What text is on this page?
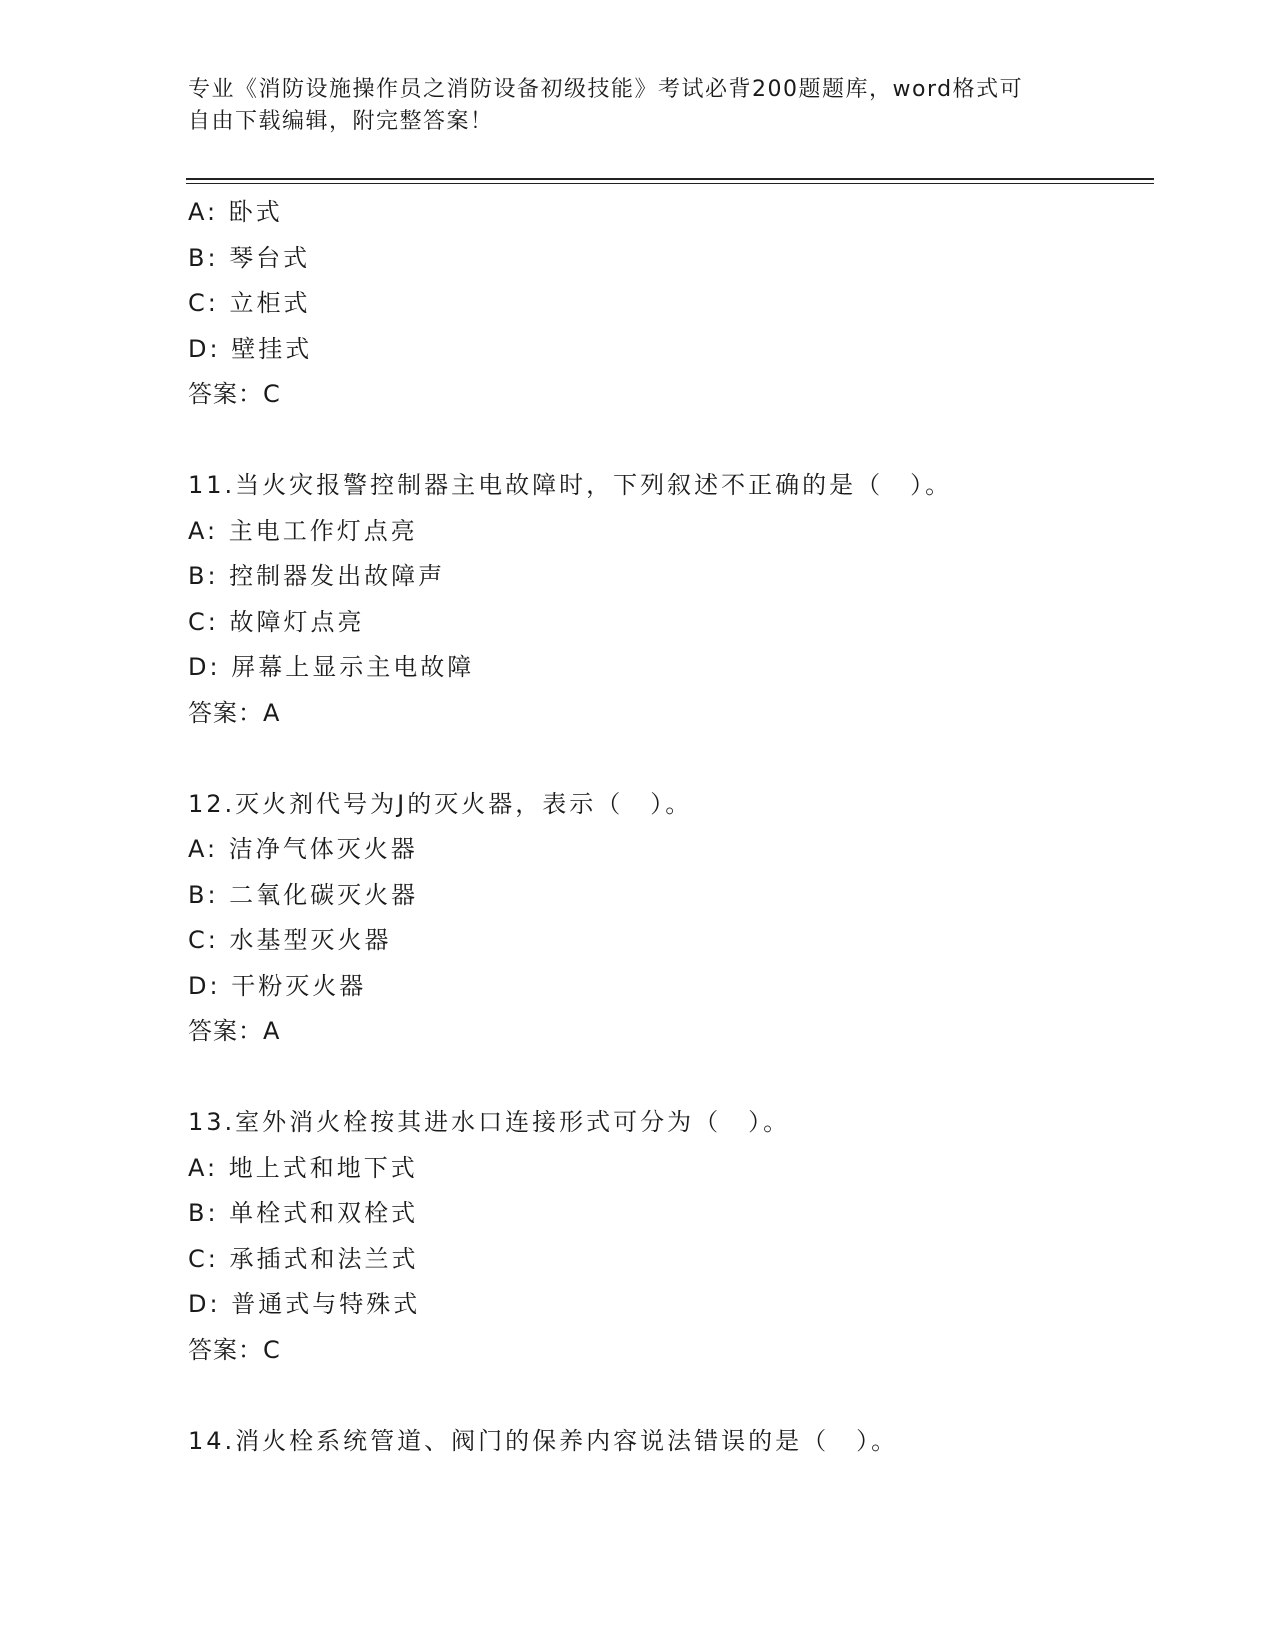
专业《消防设施操作员之消防设备初级技能》考试必背200题题库，word格式可
自由下载编辑，附完整答案！
A: 卧式
B: 琴台式
C: 立柜式
D: 壁挂式
答案：C
11.当火灾报警控制器主电故障时，下列叙述不正确的是（　）。
A: 主电工作灯点亮
B: 控制器发出故障声
C: 故障灯点亮
D: 屏幕上显示主电故障
答案：A
12.灭火剂代号为J的灭火器，表示（　）。
A: 洁净气体灭火器
B: 二氧化碳灭火器
C: 水基型灭火器
D: 干粉灭火器
答案：A
13.室外消火栓按其进水口连接形式可分为（　）。
A: 地上式和地下式
B: 单栓式和双栓式
C: 承插式和法兰式
D: 普通式与特殊式
答案：C
14.消火栓系统管道、阀门的保养内容说法错误的是（　）。
